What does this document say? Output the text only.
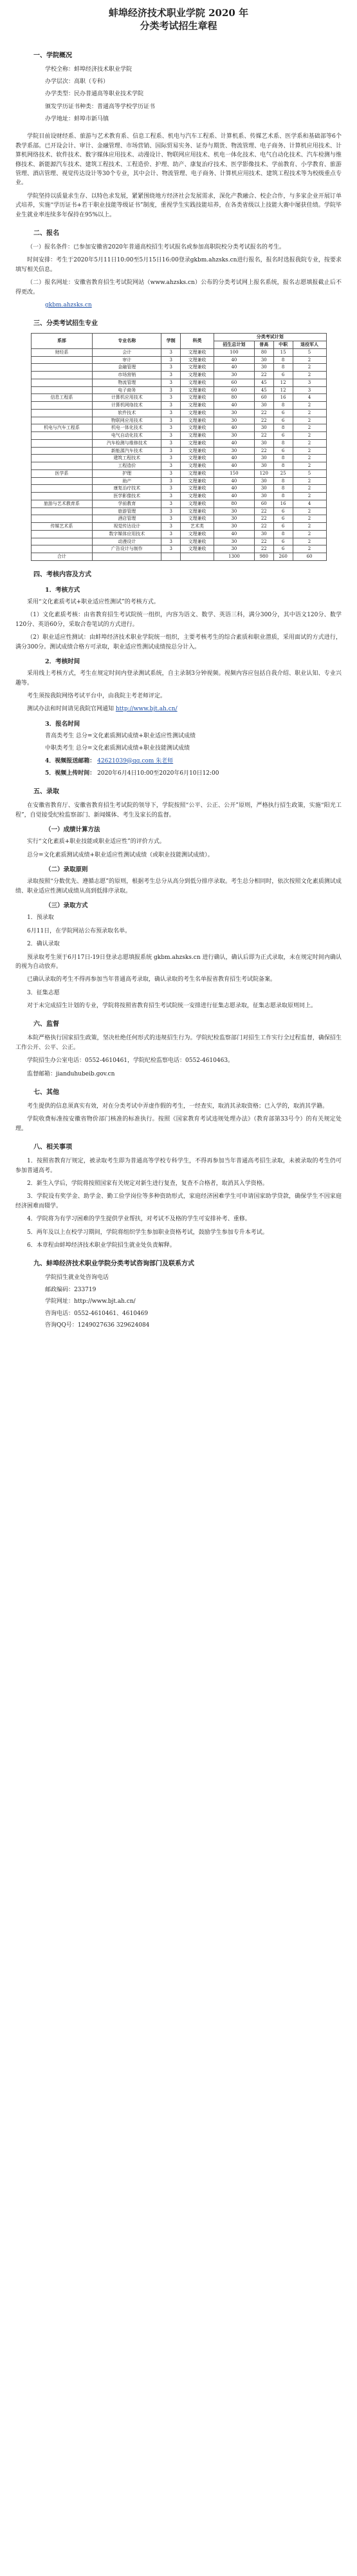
蚌埠经济技术职业学院 2020 年
分类考试招生章程
一、学院概况
学校全称：蚌埠经济技术职业学院
办学层次：高职（专科）
办学类型：民办普通高等职业技术学院
颁发学历证书种类：普通高等学校学历证书
办学地址：蚌埠市新马镇
学院目前设财经系、旅游与艺术教育系、信息工程系、机电与汽车工程系、计算机系、传媒艺术系、医学系和基础部等6个教学系部。已开设会计、审计、金融管理、市场营销、国际贸易实务、证券与期货、物流管理、电子商务、计算机应用技术、计算机网络技术、软件技术、数字媒体应用技术、动漫设计、物联网应用技术、机电一体化技术、电气自动化技术、汽车检测与维修技术、新能源汽车技术、建筑工程技术、工程造价、护理、助产、康复治疗技术、医学影像技术、学前教育、小学教育、旅游管理、酒店管理、视觉传达设计等30个专业，其中会计、物流管理、电子商务、计算机应用技术、建筑工程技术等为校级重点专业。
学院坚持以质量求生存、以特色求发展，紧紧围绕地方经济社会发展需求，深化产教融合、校企合作，与多家企业开展订单式培养，实施“学历证书+若干职业技能等级证书”制度，重视学生实践技能培养，在各类省级以上技能大赛中屡获佳绩。学院毕业生就业率连续多年保持在95%以上。
二、报名
（一）报名条件：已参加安徽省2020年普通高校招生考试报名或参加高职院校分类考试报名的考生。
时间安排：考生于2020年5月11日10:00至5月15日16:00登录gkbm.ahzsks.cn进行报名，报名时选报我院专业，按要求填写相关信息。
（二）报名网址：安徽省教育招生考试院网站（www.ahzsks.cn）公布的分类考试网上报名系统，报名志愿填报截止后不得更改。
gkbm.ahzsks.cn
三、分类考试招生专业
系部	专业名称	学制	科类	分类考试计划			
				招生总计划	普高	中职	退役军人
财经系	会计	3	文理兼收	100	80	15	5
	审计	3	文理兼收	40	30	8	2
	金融管理	3	文理兼收	40	30	8	2
	市场营销	3	文理兼收	30	22	6	2
	物流管理	3	文理兼收	60	45	12	3
	电子商务	3	文理兼收	60	45	12	3
信息工程系	计算机应用技术	3	文理兼收	80	60	16	4
	计算机网络技术	3	文理兼收	40	30	8	2
	软件技术	3	文理兼收	30	22	6	2
	物联网应用技术	3	文理兼收	30	22	6	2
机电与汽车工程系	机电一体化技术	3	文理兼收	40	30	8	2
	电气自动化技术	3	文理兼收	30	22	6	2
	汽车检测与维修技术	3	文理兼收	40	30	8	2
	新能源汽车技术	3	文理兼收	30	22	6	2
	建筑工程技术	3	文理兼收	40	30	8	2
	工程造价	3	文理兼收	40	30	8	2
医学系	护理	3	文理兼收	150	120	25	5
	助产	3	文理兼收	40	30	8	2
	康复治疗技术	3	文理兼收	40	30	8	2
	医学影像技术	3	文理兼收	40	30	8	2
旅游与艺术教育系	学前教育	3	文理兼收	80	60	16	4
	旅游管理	3	文理兼收	30	22	6	2
	酒店管理	3	文理兼收	30	22	6	2
传媒艺术系	视觉传达设计	3	艺术类	30	22	6	2
	数字媒体应用技术	3	文理兼收	40	30	8	2
	动漫设计	3	文理兼收	30	22	6	2
	广告设计与制作	3	文理兼收	30	22	6	2
合计				1300	980	260	60
四、考核内容及方式
1．考核方式
采用“文化素质考试+职业适应性测试”的考核方式。
（1）文化素质考核：由省教育招生考试院统一组织，内容为语文、数学、英语三科，满分300分，其中语文120分、数学120分、英语60分，采取合卷笔试的方式进行。
（2）职业适应性测试：由蚌埠经济技术职业学院统一组织，主要考核考生的综合素质和职业潜质，采用面试的方式进行，满分300分。测试成绩合格方可录取，职业适应性测试成绩按总分计入。
2．考核时间
采用线上考核方式，考生在规定时间内登录测试系统，自主录制3分钟视频。视频内容应包括自我介绍、职业认知、专业兴趣等。
考生须按我院网络考试平台中，由我院主考老师评定。
测试办法和时间请见我院官网通知 http://www.bjt.ah.cn/
3．报名时间
普高类考生 总分=文化素质测试成绩+职业适应性测试成绩
中职类考生 总分=文化素质测试成绩+职业技能测试成绩
4．视频报送邮箱： 42621039@qq.com 朱老师
5．视频上传时间： 2020年6月4日10:00至2020年6月10日12:00
五、录取
在安徽省教育厅、安徽省教育招生考试院的领导下，学院按照“公平、公正、公开”原则，严格执行招生政策，实施“阳光工程”，自觉接受纪检监察部门、新闻媒体、考生及家长的监督。
（一）成绩计算方法
实行“文化素质+职业技能或职业适应性”的评价方式。
总分=文化素质测试成绩+职业适应性测试成绩（或职业技能测试成绩）。
（二）录取原则
录取按照“分数优先、遵循志愿”的原则，根据考生总分从高分到低分排序录取。考生总分相同时，依次按照文化素质测试成绩、职业适应性测试成绩从高到低排序录取。
（三）录取方式
1．预录取
6月11日，在学院网站公布预录取名单。
2．确认录取
预录取考生须于6月17日-19日登录志愿填报系统 gkbm.ahzsks.cn 进行确认，确认后即为正式录取，未在规定时间内确认的视为自动放弃。
已确认录取的考生不得再参加当年普通高考录取，确认录取的考生名单报省教育招生考试院备案。
3．征集志愿
对于未完成招生计划的专业，学院将按照省教育招生考试院统一安排进行征集志愿录取，征集志愿录取原则同上。
六、监督
本院严格执行国家招生政策，坚决杜绝任何形式的违规招生行为。学院纪检监察部门对招生工作实行全过程监督，确保招生工作公开、公平、公正。
学院招生办公室电话：0552-4610461，学院纪检监察电话：0552-4610463。
监督邮箱：jianduhubeib.gov.cn
七、其他
考生提供的信息须真实有效，对在分类考试中弄虚作假的考生，一经查实，取消其录取资格；已入学的，取消其学籍。
学院收费标准按安徽省物价部门核准的标准执行。按照《国家教育考试违规处理办法》（教育部第33号令）的有关规定处理。
八、相关事项
1．按照省教育厅规定，被录取考生即为普通高等学校专科学生，不得再参加当年普通高考招生录取，未被录取的考生仍可参加普通高考。
2．新生入学后，学院将按照国家有关规定对新生进行复查，复查不合格者，取消其入学资格。
3．学院设有奖学金、助学金、勤工俭学岗位等多种资助形式，家庭经济困难学生可申请国家助学贷款，确保学生不因家庭经济困难而辍学。
4．学院将为有学习困难的学生提供学业帮扶，对考试不及格的学生可安排补考、重修。
5．两年及以上在校学习期间，学院将组织学生参加职业资格考试，鼓励学生参加专升本考试。
6．本章程由蚌埠经济技术职业学院招生就业处负责解释。
九、蚌埠经济技术职业学院分类考试咨询部门及联系方式
学院招生就业处咨询电话
邮政编码：233719
学院网址：http://www.bjt.ah.cn/
咨询电话：0552-4610461、4610469
咨询QQ号：1249027636 329624084
